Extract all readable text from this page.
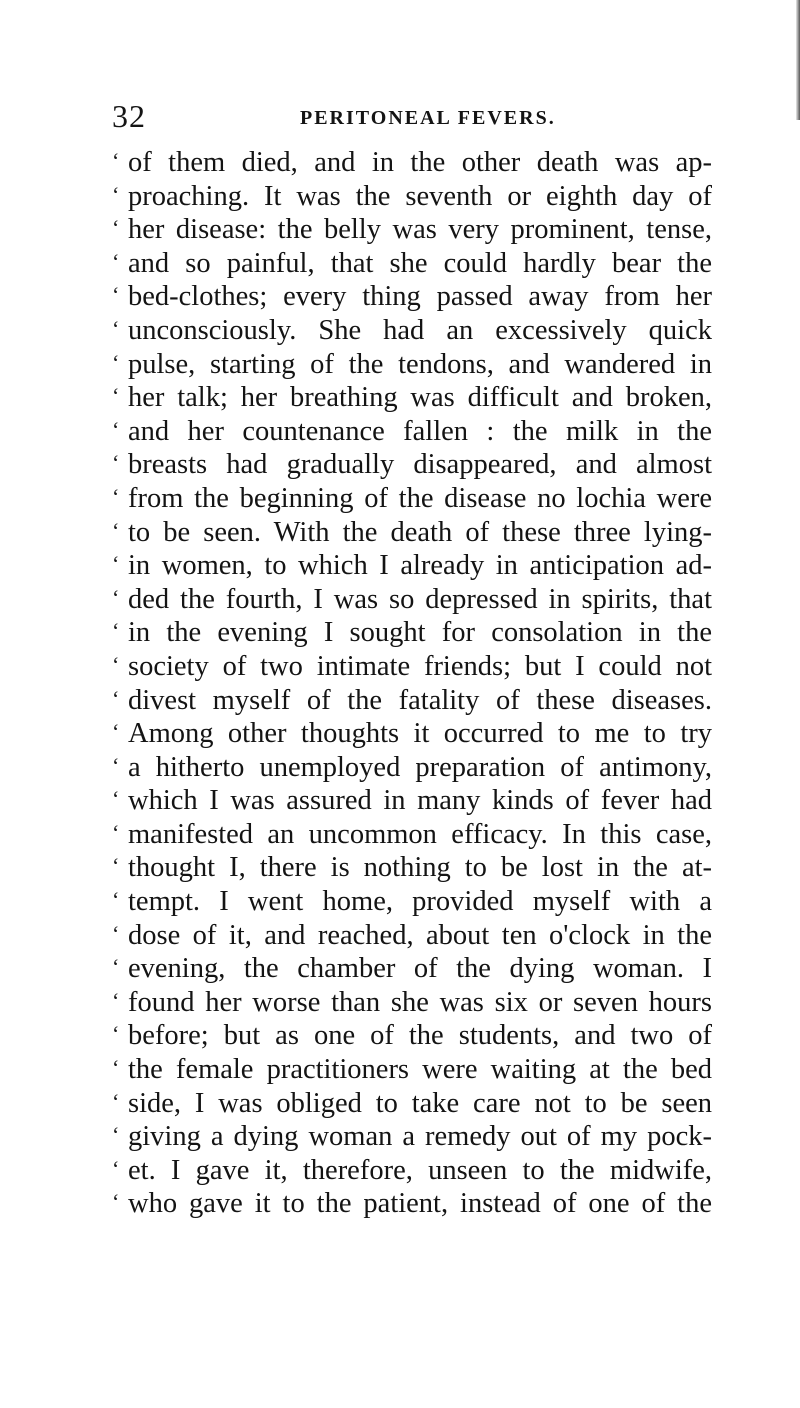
32	PERITONEAL FEVERS.
‘ of them died, and in the other death was ap-
‘ proaching. It was the seventh or eighth day of
‘ her disease: the belly was very prominent, tense,
‘ and so painful, that she could hardly bear the
‘ bed-clothes; every thing passed away from her
‘ unconsciously. She had an excessively quick
‘ pulse, starting of the tendons, and wandered in
‘ her talk; her breathing was difficult and broken,
‘ and her countenance fallen : the milk in the
‘ breasts had gradually disappeared, and almost
‘ from the beginning of the disease no lochia were
‘ to be seen. With the death of these three lying-
‘ in women, to which I already in anticipation ad-
‘ ded the fourth, I was so depressed in spirits, that
‘ in the evening I sought for consolation in the
‘ society of two intimate friends; but I could not
‘ divest myself of the fatality of these diseases.
‘ Among other thoughts it occurred to me to try
‘ a hitherto unemployed preparation of antimony,
‘ which I was assured in many kinds of fever had
‘ manifested an uncommon efficacy. In this case,
‘ thought I, there is nothing to be lost in the at-
‘ tempt. I went home, provided myself with a
‘ dose of it, and reached, about ten o'clock in the
‘ evening, the chamber of the dying woman. I
‘ found her worse than she was six or seven hours
‘ before; but as one of the students, and two of
‘ the female practitioners were waiting at the bed
‘ side, I was obliged to take care not to be seen
‘ giving a dying woman a remedy out of my pock-
‘ et. I gave it, therefore, unseen to the midwife,
‘ who gave it to the patient, instead of one of the
